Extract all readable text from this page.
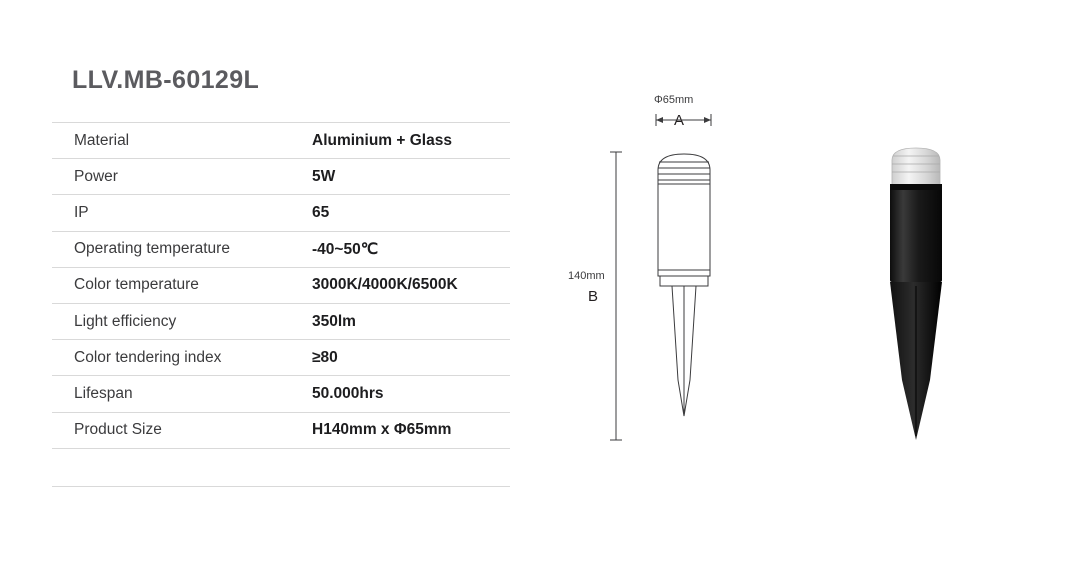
LLV.MB-60129L
Material	Aluminium + Glass
Power	5W
IP	65
Operating temperature	-40~50℃
Color temperature	3000K/4000K/6500K
Light efficiency	350lm
Color tendering index	≥80
Lifespan	50.000hrs
Product Size	H140mm x Φ65mm
Φ65mm
A
140mm
B
